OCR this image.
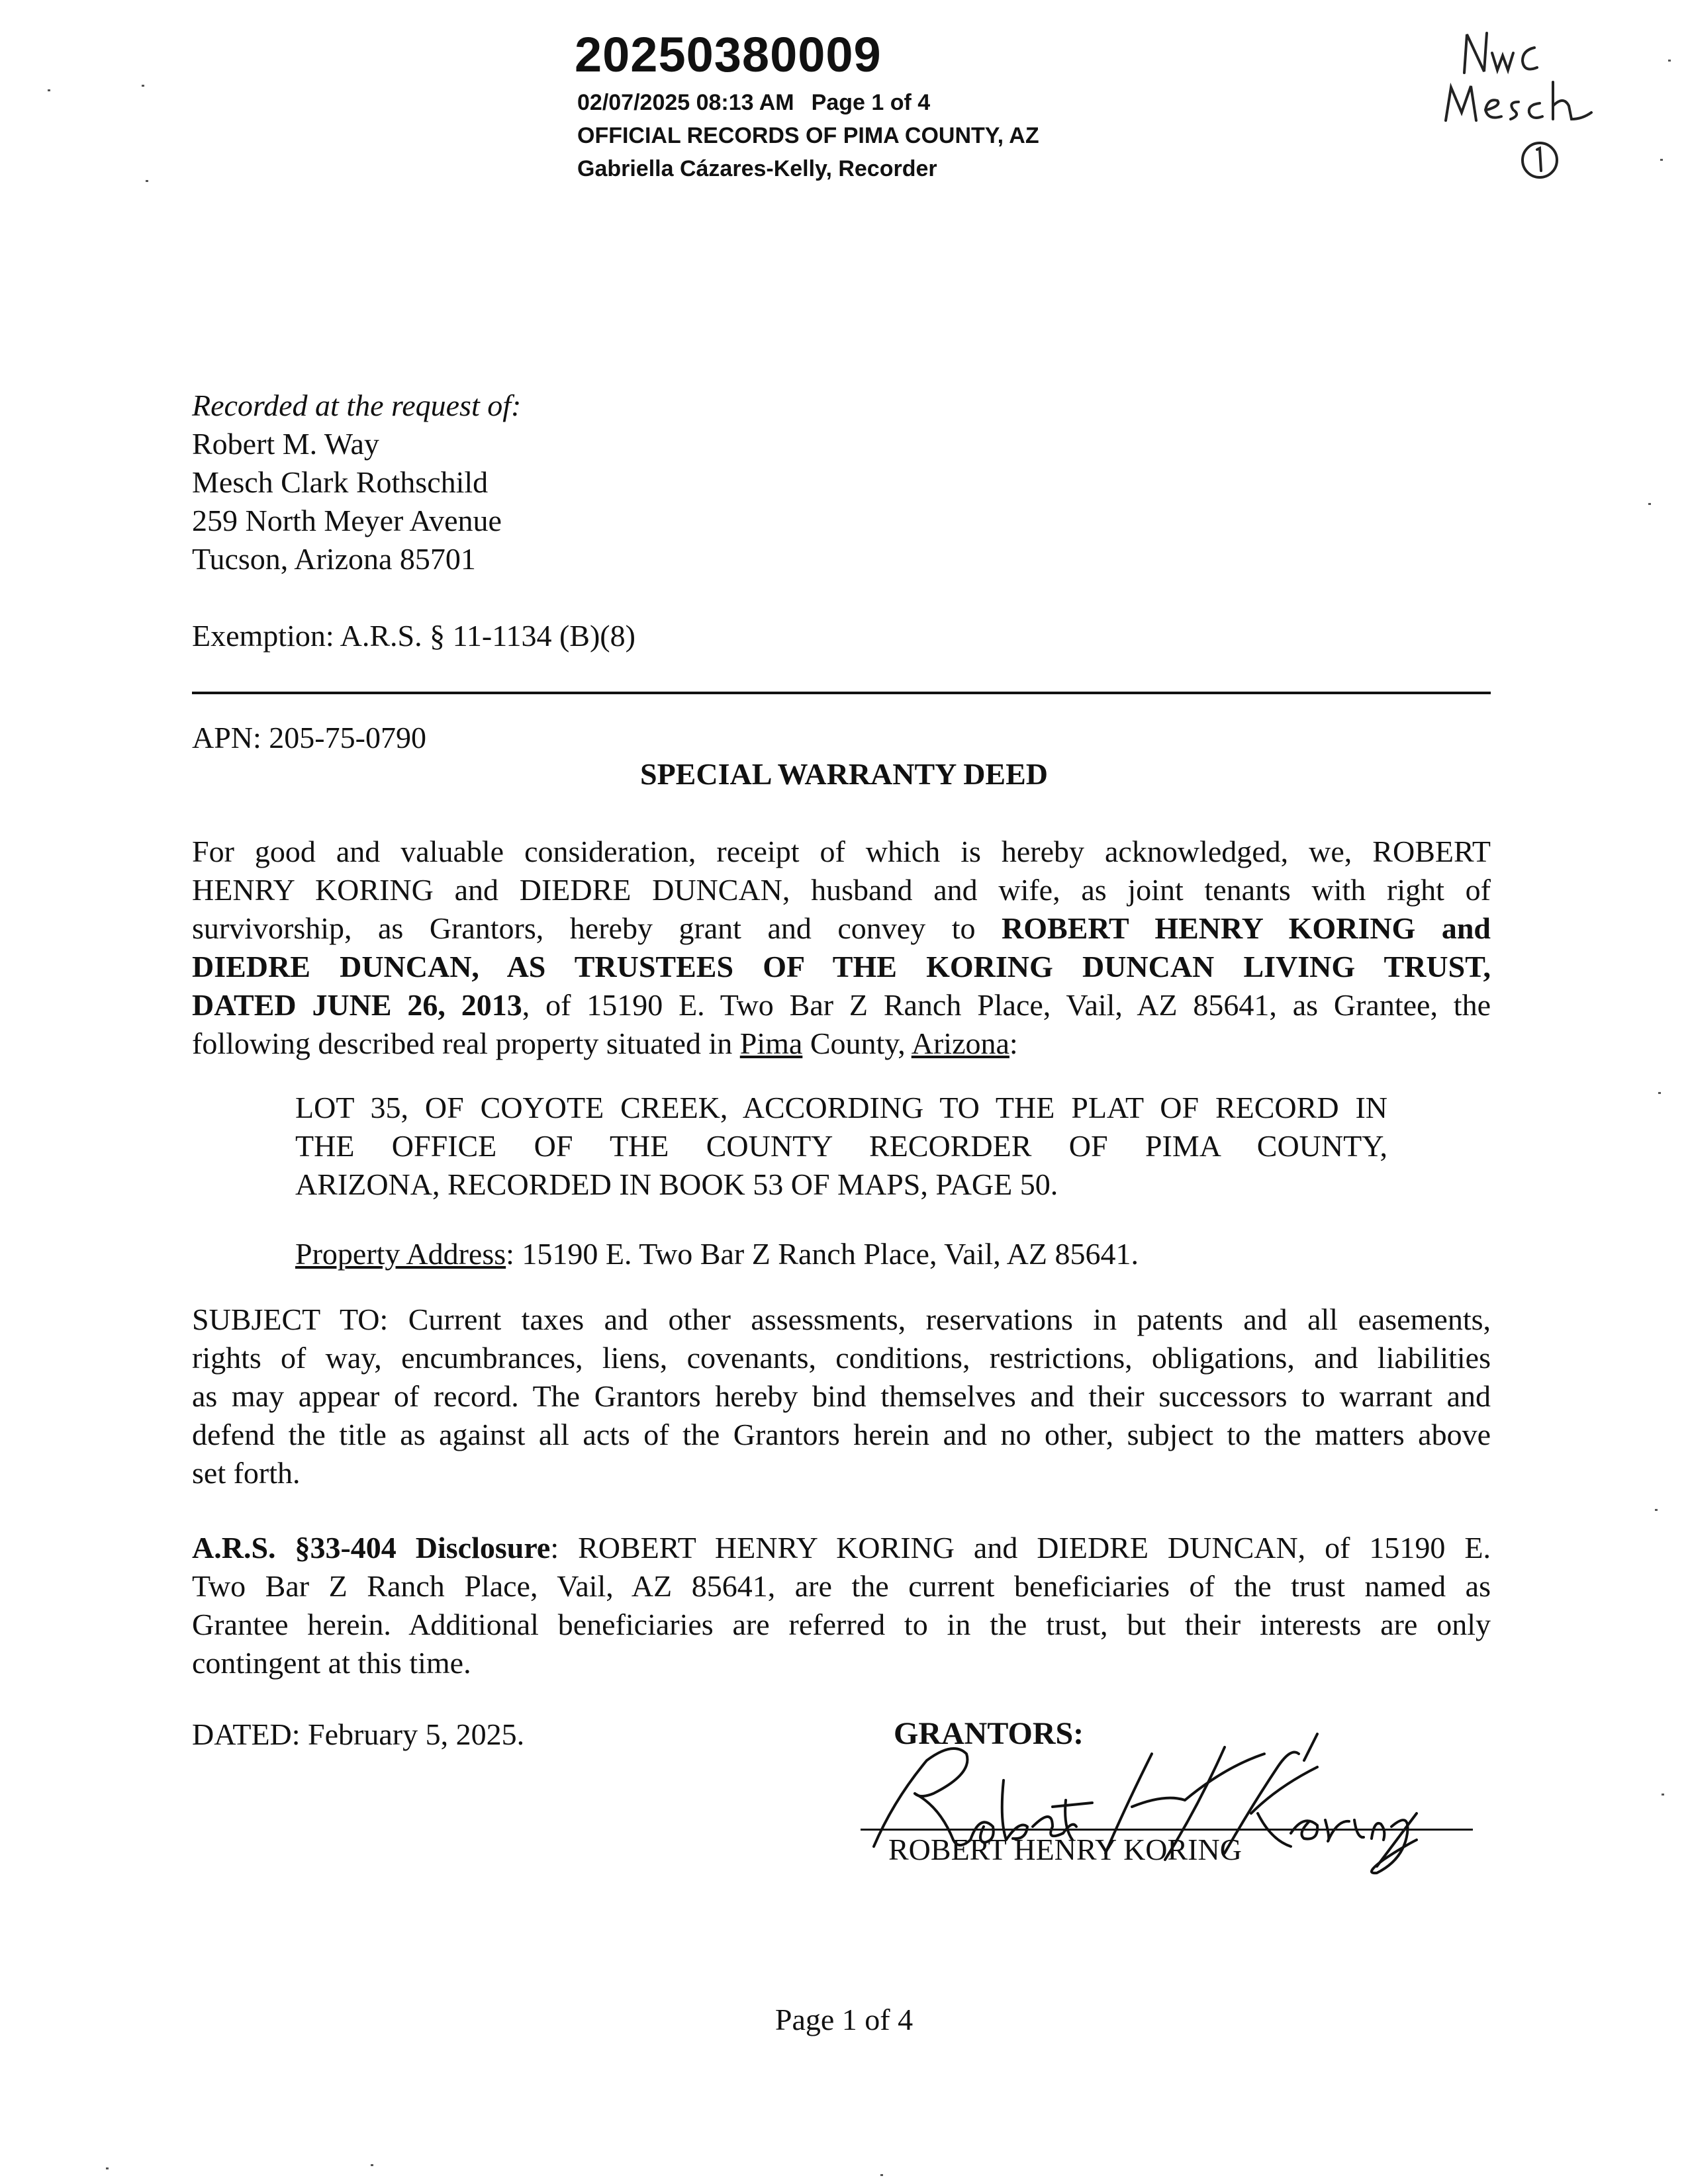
20250380009
02/07/2025 08:13 AM Page 1 of 4
OFFICIAL RECORDS OF PIMA COUNTY, AZ
Gabriella Cázares-Kelly, Recorder
Recorded at the request of:
Robert M. Way
Mesch Clark Rothschild
259 North Meyer Avenue
Tucson, Arizona 85701
Exemption: A.R.S. § 11-1134 (B)(8)
APN: 205-75-0790
SPECIAL WARRANTY DEED
For good and valuable consideration, receipt of which is hereby acknowledged, we, ROBERT
HENRY KORING and DIEDRE DUNCAN, husband and wife, as joint tenants with right of
survivorship, as Grantors, hereby grant and convey to ROBERT HENRY KORING and
DIEDRE DUNCAN, AS TRUSTEES OF THE KORING DUNCAN LIVING TRUST,
DATED JUNE 26, 2013, of 15190 E. Two Bar Z Ranch Place, Vail, AZ 85641, as Grantee, the
following described real property situated in Pima County, Arizona:
LOT 35, OF COYOTE CREEK, ACCORDING TO THE PLAT OF RECORD IN
THE OFFICE OF THE COUNTY RECORDER OF PIMA COUNTY,
ARIZONA, RECORDED IN BOOK 53 OF MAPS, PAGE 50.
Property Address: 15190 E. Two Bar Z Ranch Place, Vail, AZ 85641.
SUBJECT TO: Current taxes and other assessments, reservations in patents and all easements,
rights of way, encumbrances, liens, covenants, conditions, restrictions, obligations, and liabilities
as may appear of record. The Grantors hereby bind themselves and their successors to warrant and
defend the title as against all acts of the Grantors herein and no other, subject to the matters above
set forth.
A.R.S. §33-404 Disclosure: ROBERT HENRY KORING and DIEDRE DUNCAN, of 15190 E.
Two Bar Z Ranch Place, Vail, AZ 85641, are the current beneficiaries of the trust named as
Grantee herein. Additional beneficiaries are referred to in the trust, but their interests are only
contingent at this time.
DATED: February 5, 2025.	GRANTORS:
ROBERT HENRY KORING
Page 1 of 4
